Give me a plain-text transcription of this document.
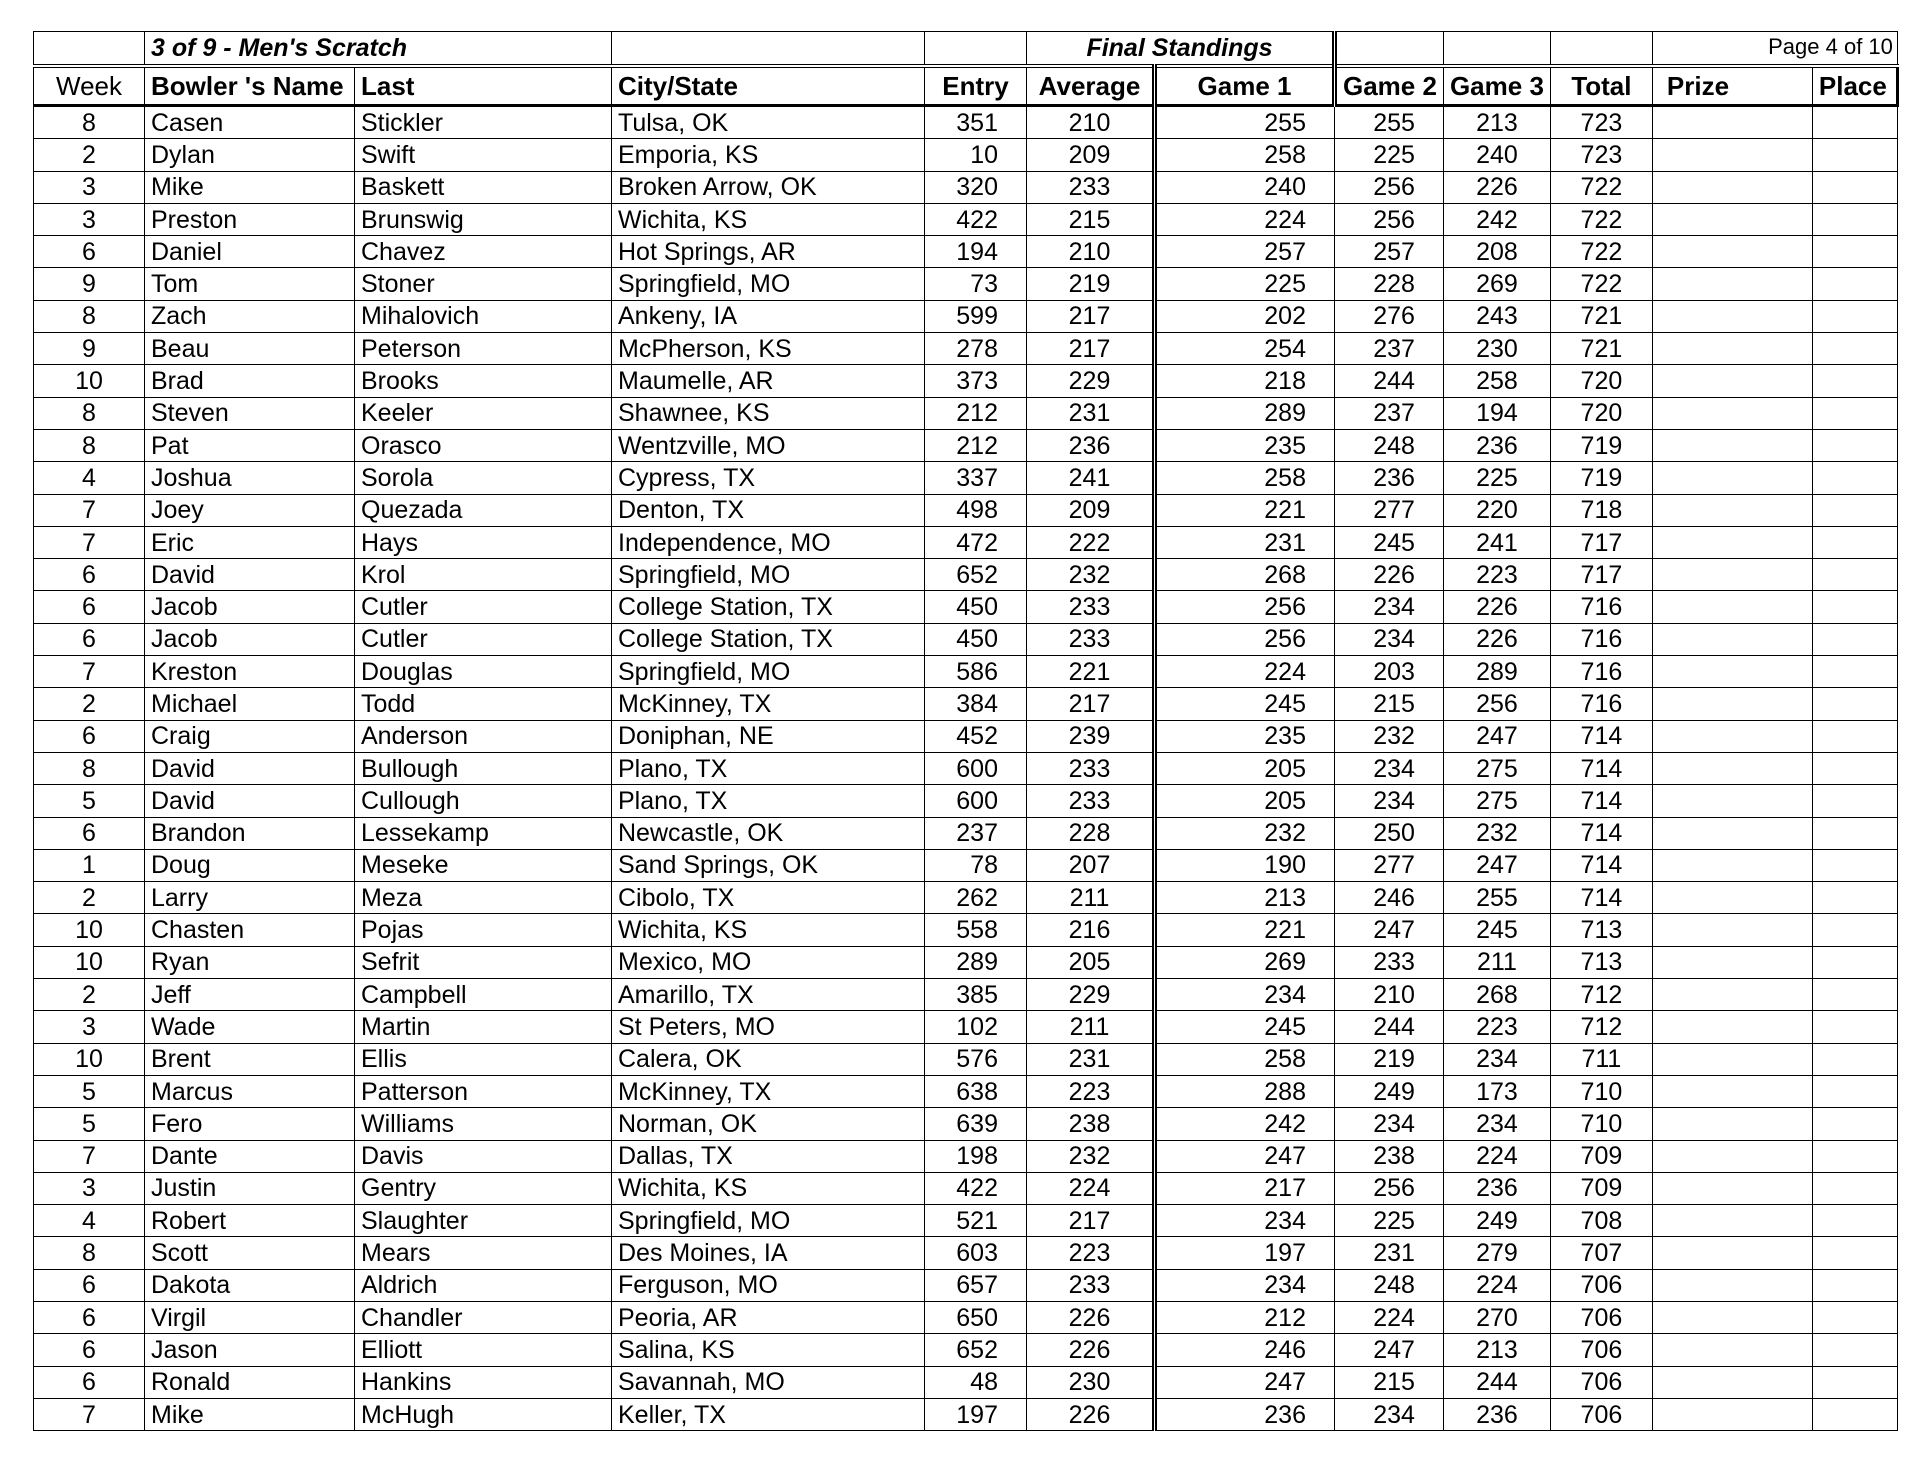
	3 of 9 - Men's Scratch				Final Standings					Page 4 of 10	

Week	Bowler 's Name	Last	City/State	Entry	Average	Game 1	Game 2	Game 3	Total	Prize	Place
8	Casen	Stickler	Tulsa, OK	351	210	255	255	213	723		
2	Dylan	Swift	Emporia, KS	10	209	258	225	240	723		
3	Mike	Baskett	Broken Arrow, OK	320	233	240	256	226	722		
3	Preston	Brunswig	Wichita, KS	422	215	224	256	242	722		
6	Daniel	Chavez	Hot Springs, AR	194	210	257	257	208	722		
9	Tom	Stoner	Springfield, MO	73	219	225	228	269	722		
8	Zach	Mihalovich	Ankeny, IA	599	217	202	276	243	721		
9	Beau	Peterson	McPherson, KS	278	217	254	237	230	721		
10	Brad	Brooks	Maumelle, AR	373	229	218	244	258	720		
8	Steven	Keeler	Shawnee, KS	212	231	289	237	194	720		
8	Pat	Orasco	Wentzville, MO	212	236	235	248	236	719		
4	Joshua	Sorola	Cypress, TX	337	241	258	236	225	719		
7	Joey	Quezada	Denton, TX	498	209	221	277	220	718		
7	Eric	Hays	Independence, MO	472	222	231	245	241	717		
6	David	Krol	Springfield, MO	652	232	268	226	223	717		
6	Jacob	Cutler	College Station, TX	450	233	256	234	226	716		
6	Jacob	Cutler	College Station, TX	450	233	256	234	226	716		
7	Kreston	Douglas	Springfield, MO	586	221	224	203	289	716		
2	Michael	Todd	McKinney, TX	384	217	245	215	256	716		
6	Craig	Anderson	Doniphan, NE	452	239	235	232	247	714		
8	David	Bullough	Plano, TX	600	233	205	234	275	714		
5	David	Cullough	Plano, TX	600	233	205	234	275	714		
6	Brandon	Lessekamp	Newcastle, OK	237	228	232	250	232	714		
1	Doug	Meseke	Sand Springs, OK	78	207	190	277	247	714		
2	Larry	Meza	Cibolo, TX	262	211	213	246	255	714		
10	Chasten	Pojas	Wichita, KS	558	216	221	247	245	713		
10	Ryan	Sefrit	Mexico, MO	289	205	269	233	211	713		
2	Jeff	Campbell	Amarillo, TX	385	229	234	210	268	712		
3	Wade	Martin	St Peters, MO	102	211	245	244	223	712		
10	Brent	Ellis	Calera, OK	576	231	258	219	234	711		
5	Marcus	Patterson	McKinney, TX	638	223	288	249	173	710		
5	Fero	Williams	Norman, OK	639	238	242	234	234	710		
7	Dante	Davis	Dallas, TX	198	232	247	238	224	709		
3	Justin	Gentry	Wichita, KS	422	224	217	256	236	709		
4	Robert	Slaughter	Springfield, MO	521	217	234	225	249	708		
8	Scott	Mears	Des Moines, IA	603	223	197	231	279	707		
6	Dakota	Aldrich	Ferguson, MO	657	233	234	248	224	706		
6	Virgil	Chandler	Peoria, AR	650	226	212	224	270	706		
6	Jason	Elliott	Salina, KS	652	226	246	247	213	706		
6	Ronald	Hankins	Savannah, MO	48	230	247	215	244	706		
7	Mike	McHugh	Keller, TX	197	226	236	234	236	706		
